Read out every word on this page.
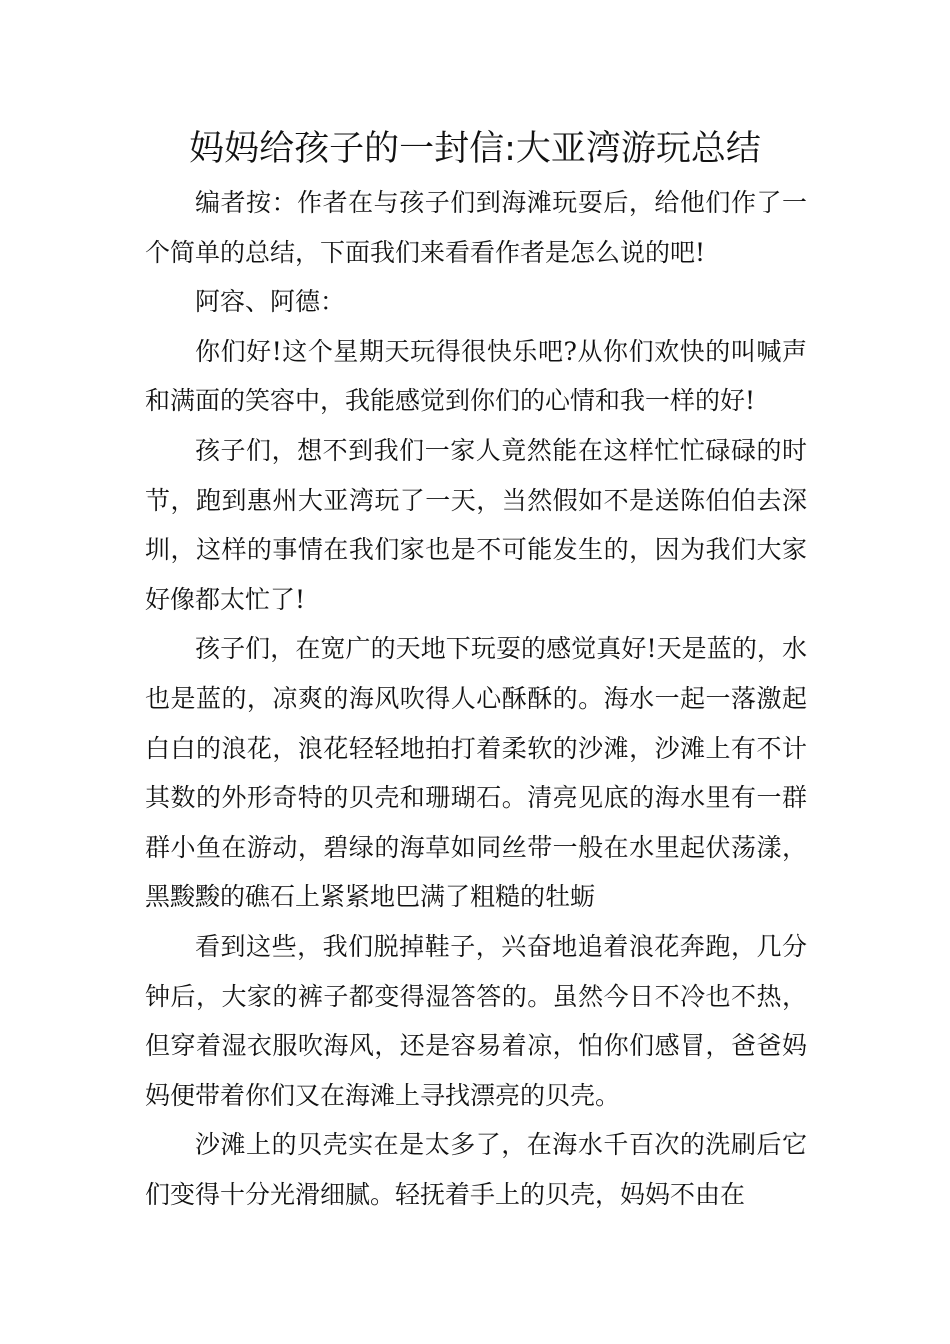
妈妈给孩子的一封信:大亚湾游玩总结

编者按：作者在与孩子们到海滩玩耍后，给他们作了一个简单的总结，下面我们来看看作者是怎么说的吧!

阿容、阿德：

你们好!这个星期天玩得很快乐吧?从你们欢快的叫喊声和满面的笑容中，我能感觉到你们的心情和我一样的好!

孩子们，想不到我们一家人竟然能在这样忙忙碌碌的时节，跑到惠州大亚湾玩了一天，当然假如不是送陈伯伯去深圳，这样的事情在我们家也是不可能发生的，因为我们大家好像都太忙了!

孩子们，在宽广的天地下玩耍的感觉真好!天是蓝的，水也是蓝的，凉爽的海风吹得人心酥酥的。海水一起一落激起白白的浪花，浪花轻轻地拍打着柔软的沙滩，沙滩上有不计其数的外形奇特的贝壳和珊瑚石。清亮见底的海水里有一群群小鱼在游动，碧绿的海草如同丝带一般在水里起伏荡漾，黑黢黢的礁石上紧紧地巴满了粗糙的牡蛎

看到这些，我们脱掉鞋子，兴奋地追着浪花奔跑，几分钟后，大家的裤子都变得湿答答的。虽然今日不冷也不热，但穿着湿衣服吹海风，还是容易着凉，怕你们感冒，爸爸妈妈便带着你们又在海滩上寻找漂亮的贝壳。

沙滩上的贝壳实在是太多了，在海水千百次的洗刷后它们变得十分光滑细腻。轻抚着手上的贝壳，妈妈不由在
